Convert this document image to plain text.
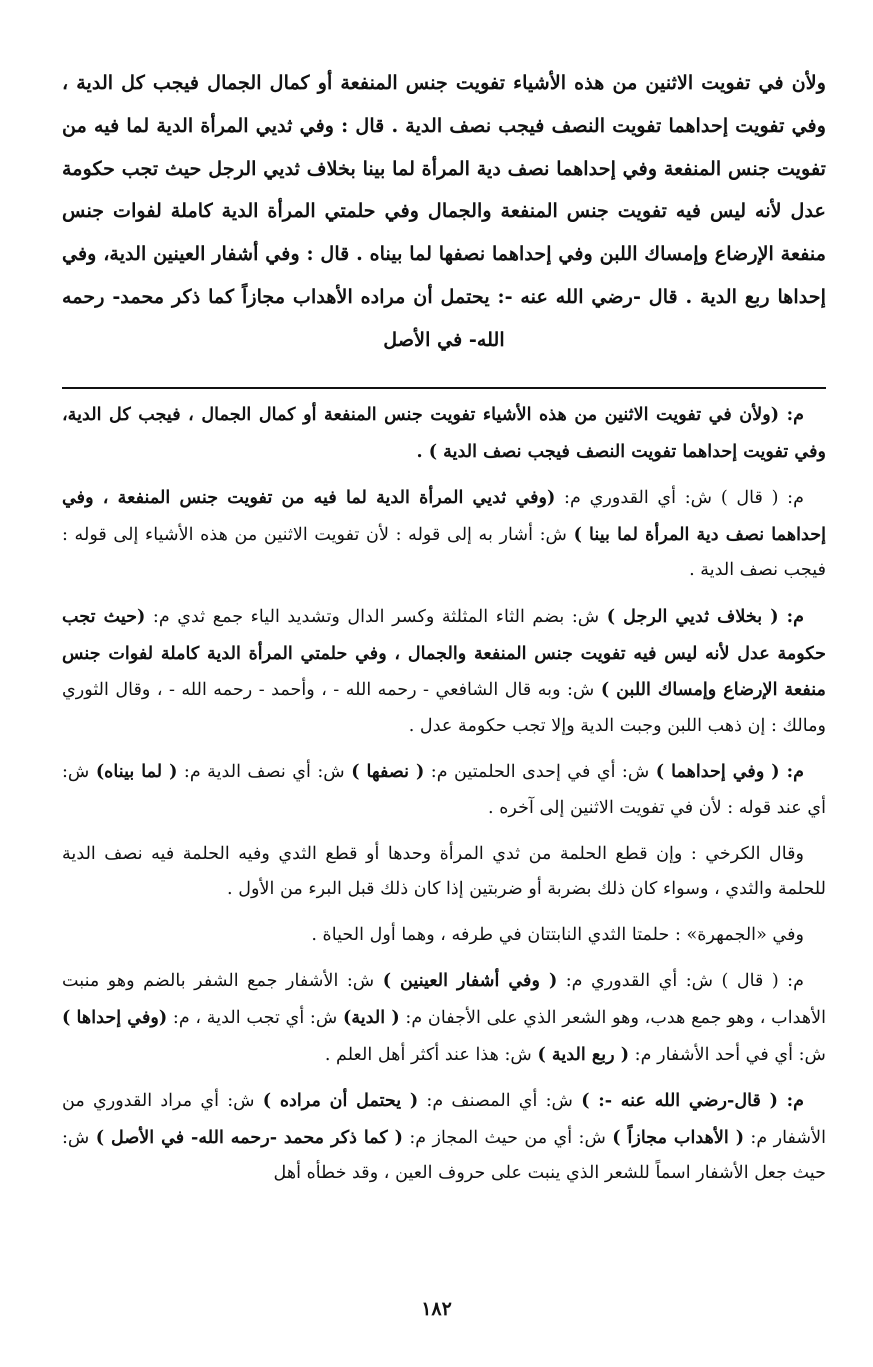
ولأن في تفويت الاثنين من هذه الأشياء تفويت جنس المنفعة أو كمال الجمال فيجب كل الدية ، وفي تفويت إحداهما تفويت النصف فيجب نصف الدية . قال : وفي ثديي المرأة الدية لما فيه من تفويت جنس المنفعة وفي إحداهما نصف دية المرأة لما بينا بخلاف ثديي الرجل حيث تجب حكومة عدل لأنه ليس فيه تفويت جنس المنفعة والجمال وفي حلمتي المرأة الدية كاملة لفوات جنس منفعة الإرضاع وإمساك اللبن وفي إحداهما نصفها لما بيناه . قال : وفي أشفار العينين الدية، وفي إحداها ربع الدية . قال -رضي الله عنه -: يحتمل أن مراده الأهداب مجازاً كما ذكر محمد- رحمه الله- في الأصل

م: (ولأن في تفويت الاثنين من هذه الأشياء تفويت جنس المنفعة أو كمال الجمال ، فيجب كل الدية، وفي تفويت إحداهما تفويت النصف فيجب نصف الدية ) .

م: ( قال ) ش: أي القدوري م: (وفي ثديي المرأة الدية لما فيه من تفويت جنس المنفعة ، وفي إحداهما نصف دية المرأة لما بينا ) ش: أشار به إلى قوله : لأن تفويت الاثنين من هذه الأشياء إلى قوله : فيجب نصف الدية .

م: ( بخلاف ثديي الرجل ) ش: بضم الثاء المثلثة وكسر الدال وتشديد الياء جمع ثدي م: (حيث تجب حكومة عدل لأنه ليس فيه تفويت جنس المنفعة والجمال ، وفي حلمتي المرأة الدية كاملة لفوات جنس منفعة الإرضاع وإمساك اللبن ) ش: وبه قال الشافعي - رحمه الله - ، وأحمد - رحمه الله - ، وقال الثوري ومالك : إن ذهب اللبن وجبت الدية وإلا تجب حكومة عدل .

م: ( وفي إحداهما ) ش: أي في إحدى الحلمتين م: ( نصفها ) ش: أي نصف الدية م: ( لما بيناه) ش: أي عند قوله : لأن في تفويت الاثنين إلى آخره .

وقال الكرخي : وإن قطع الحلمة من ثدي المرأة وحدها أو قطع الثدي وفيه الحلمة فيه نصف الدية للحلمة والثدي ، وسواء كان ذلك بضربة أو ضربتين إذا كان ذلك قبل البرء من الأول .

وفي «الجمهرة» : حلمتا الثدي النابتتان في طرفه ، وهما أول الحياة .

م: ( قال ) ش: أي القدوري م: ( وفي أشفار العينين ) ش: الأشفار جمع الشفر بالضم وهو منبت الأهداب ، وهو جمع هدب، وهو الشعر الذي على الأجفان م: ( الدية) ش: أي تجب الدية ، م: (وفي إحداها ) ش: أي في أحد الأشفار م: ( ربع الدية ) ش: هذا عند أكثر أهل العلم .

م: ( قال-رضي الله عنه -: ) ش: أي المصنف م: ( يحتمل أن مراده ) ش: أي مراد القدوري من الأشفار م: ( الأهداب مجازاً ) ش: أي من حيث المجاز م: ( كما ذكر محمد -رحمه الله- في الأصل ) ش: حيث جعل الأشفار اسماً للشعر الذي ينبت على حروف العين ، وقد خطأه أهل

١٨٢
